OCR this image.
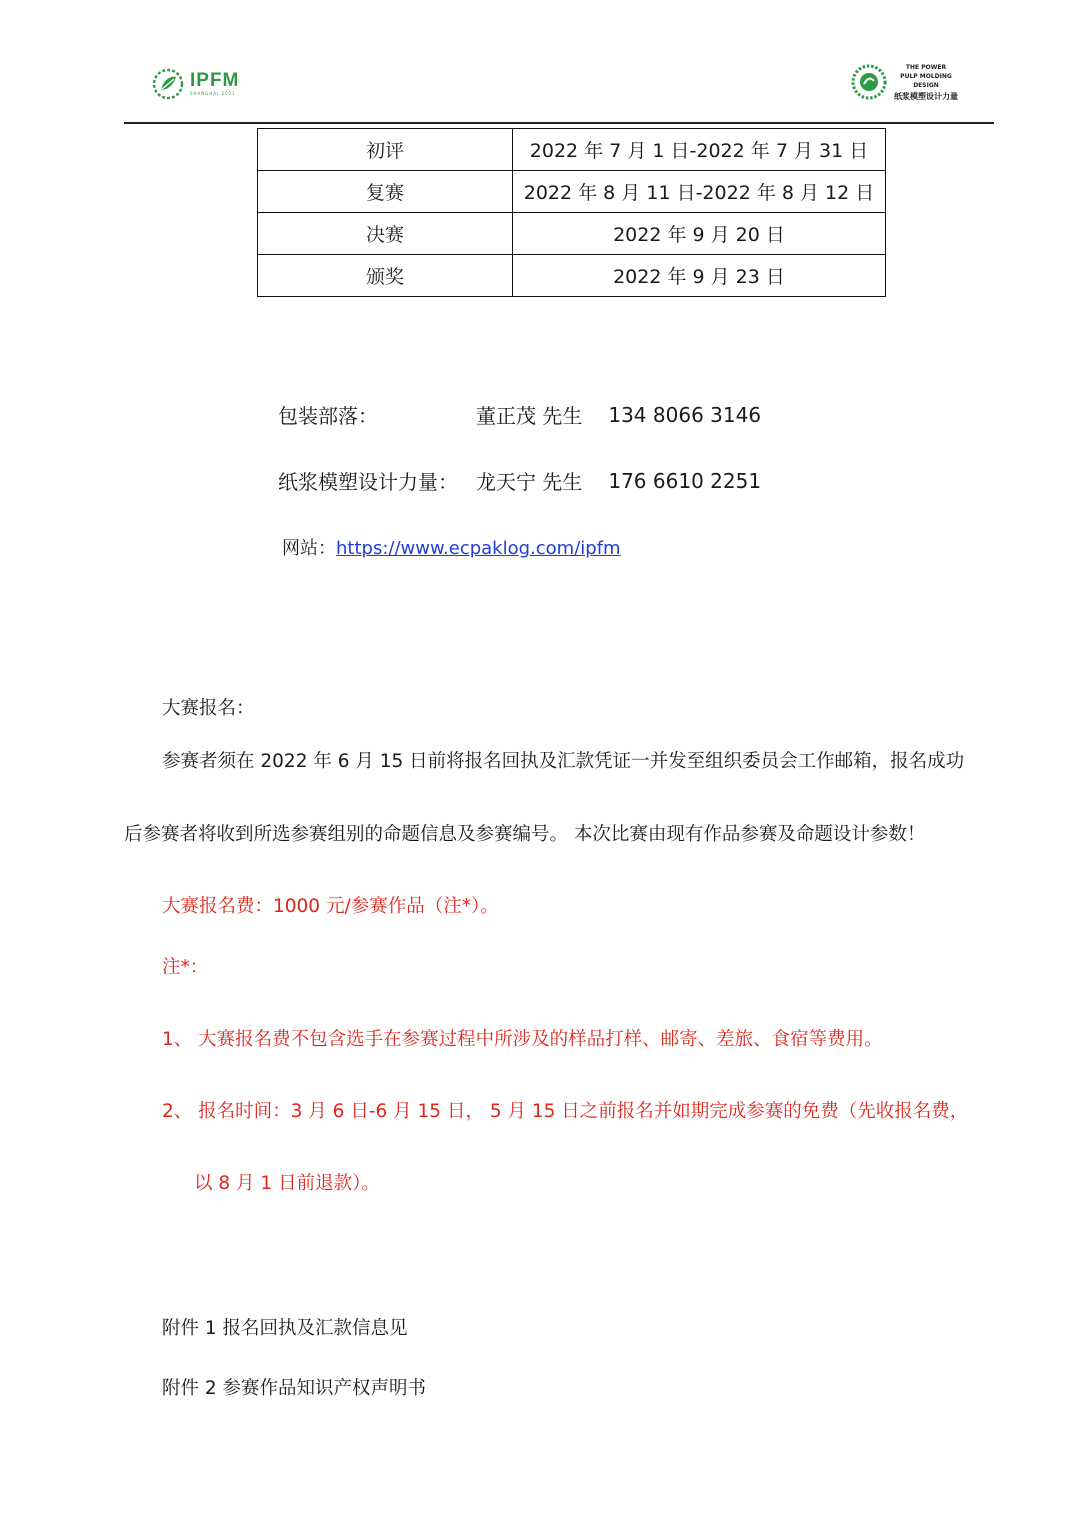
IPFM
SHANGHAI 2021
THE POWER
PULP MOLDING
DESIGN
纸浆模塑设计力量
初评	2022 年 7 月 1 日-2022 年 7 月 31 日
复赛	2022 年 8 月 11 日-2022 年 8 月 12 日
决赛	2022 年 9 月 20 日
颁奖	2022 年 9 月 23 日
包装部落：	董正茂 先生 134 8066 3146
纸浆模塑设计力量： 龙天宁 先生 176 6610 2251
网站：https://www.ecpaklog.com/ipfm
大赛报名：
参赛者须在 2022 年 6 月 15 日前将报名回执及汇款凭证一并发至组织委员会工作邮箱，报名成功
后参赛者将收到所选参赛组别的命题信息及参赛编号。 本次比赛由现有作品参赛及命题设计参数！
大赛报名费：1000 元/参赛作品（注*）。
注*：
1、 大赛报名费不包含选手在参赛过程中所涉及的样品打样、邮寄、差旅、食宿等费用。
2、 报名时间：3 月 6 日-6 月 15 日， 5 月 15 日之前报名并如期完成参赛的免费（先收报名费，
以 8 月 1 日前退款）。
附件 1 报名回执及汇款信息见
附件 2 参赛作品知识产权声明书
